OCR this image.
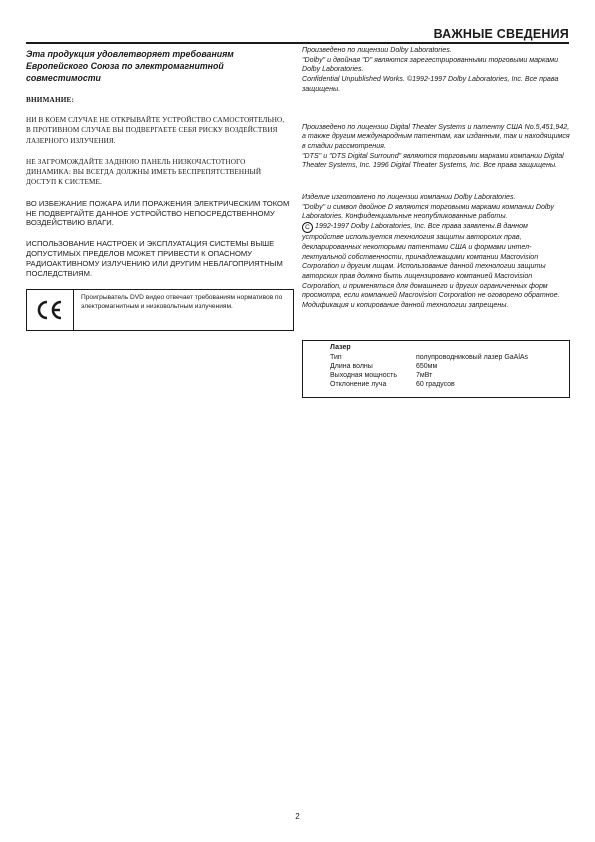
ВАЖНЫЕ СВЕДЕНИЯ

Эта продукция удовлетворяет требованиям Европейского Союза по электромагнитной совместимости

ВНИМАНИЕ:

НИ В КОЕМ СЛУЧАЕ НЕ ОТКРЫВАЙТЕ УСТРОЙСТВО САМОСТОЯТЕЛЬНО, В ПРОТИВНОМ СЛУЧАЕ ВЫ ПОДВЕРГАЕТЕ СЕБЯ РИСКУ ВОЗДЕЙСТВИЯ ЛАЗЕРНОГО ИЗЛУЧЕНИЯ.

НЕ ЗАГРОМОЖДАЙТЕ ЗАДНЮЮ ПАНЕЛЬ НИЗКОЧАСТОТНОГО ДИНАМИКА: ВЫ ВСЕГДА ДОЛЖНЫ ИМЕТЬ БЕСПРЕПЯТСТВЕННЫЙ ДОСТУП К СИСТЕМЕ.

ВО ИЗБЕЖАНИЕ ПОЖАРА ИЛИ ПОРАЖЕНИЯ ЭЛЕКТРИЧЕСКИМ ТОКОМ НЕ ПОДВЕРГАЙТЕ ДАННОЕ УСТРОЙСТВО НЕПОСРЕДСТВЕННОМУ ВОЗДЕЙСТВИЮ ВЛАГИ.

ИСПОЛЬЗОВАНИЕ НАСТРОЕК И ЭКСПЛУАТАЦИЯ СИСТЕМЫ ВЫШЕ ДОПУСТИМЫХ ПРЕДЕЛОВ МОЖЕТ ПРИВЕСТИ К ОПАСНОМУ РАДИОАКТИВНОМУ ИЗЛУЧЕНИЮ ИЛИ ДРУГИМ НЕБЛАГОПРИЯТНЫМ ПОСЛЕДСТВИЯМ.

Проигрыватель DVD видео отвечает требованиям нормативов по электромагнитным и низковольтным излучениям.

Произведено по лицензии Dolby Laboratories.

"Dolby" и двойная "D" являются зарегестрированными торговыми марками Dolby Laboratories.

Confidential Unpublished Works. ©1992-1997 Dolby Laboratories, Inc. Все права защищены.

Произведено по лицензии Digital Theater Systems и патенту США No.5,451,942, а также другим международным патентам, как изданным, так и находящимся в стадии рассмотрения.

"DTS" и "DTS Digital Surround" являются торговыми марками компании Digital Theater Systems, Inc. 1996 Digital Theater Systems, Inc. Все права защищены.

Изделие изготовлено по лицензии компании Dolby Laboratories.

"Dolby" и символ двойное D являются торговыми марками компании Dolby Laboratories. Конфиденциальные неопубликованные работы.

C 1992-1997 Dolby Laboratories, Inc. Все права заявлены.В данном устройстве используется технология защиты авторских прав, декларированных некоторыми патентами США и формами интел-лектуальной собственности, принадлежащими компании Macrovision Corporation и другим лицам. Использование данной технологии защиты авторских прав должно быть лицензировано компанией Macrovision Corporation, и применяться для домашнего и других ограниченных форм просмотра, если компанией Macrovision Corporation не оговорено обратное. Модификация и копирование данной технологии запрещены.

Лазер
Тип	полупроводниковый лазер GaAlAs
Длина волны	650мм
Выходная мощность	7мВт
Отклонение луча	60 градусов
2
